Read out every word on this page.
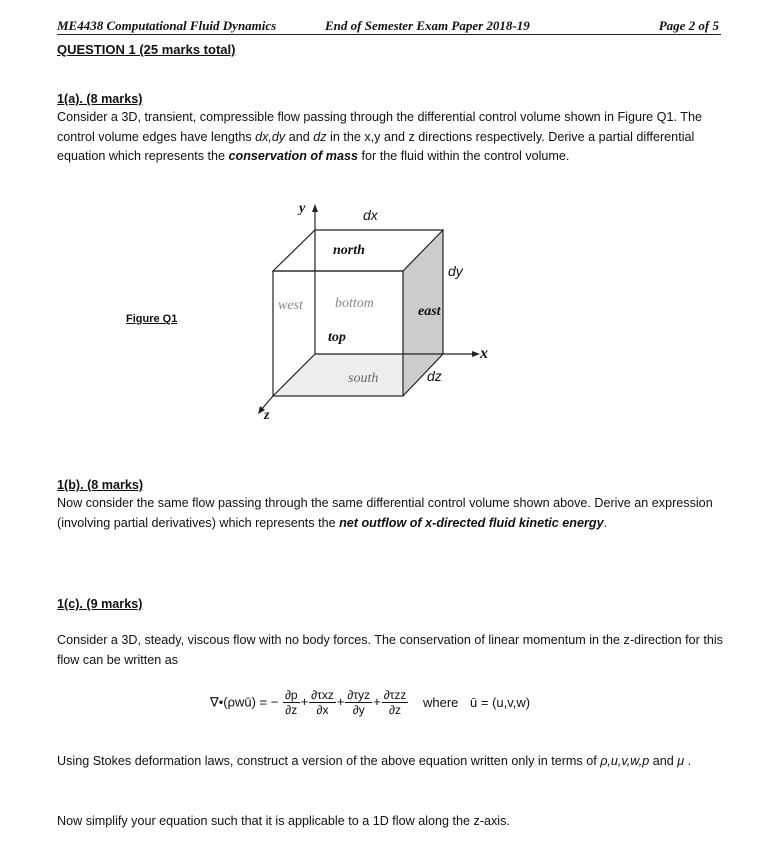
ME4438 Computational Fluid Dynamics	End of Semester Exam Paper 2018-19	Page 2 of 5
QUESTION 1 (25 marks total)
1(a). (8 marks)
Consider a 3D, transient, compressible flow passing through the differential control volume shown in Figure Q1. The control volume edges have lengths dx,dy and dz in the x,y and z directions respectively. Derive a partial differential equation which represents the conservation of mass for the fluid within the control volume.
Figure Q1
y	dx
dy
dz
x
z
north
west bottom
east
top
south
1(b). (8 marks)
Now consider the same flow passing through the same differential control volume shown above. Derive an expression (involving partial derivatives) which represents the net outflow of x-directed fluid kinetic energy.
1(c). (9 marks)
Consider a 3D, steady, viscous flow with no body forces. The conservation of linear momentum in the z-direction for this flow can be written as
∇•(ρwū) = − $\frac{\partial p}{\partial z} + \frac{\text{∂τxz}}{\partial x} + \frac{\text{∂τyz}}{\partial y} + \frac{\text{∂τzz}}{\partial z}$ where ū = (u,v,w)
Using Stokes deformation laws, construct a version of the above equation written only in terms of ρ,u,v,w,p and μ .
Now simplify your equation such that it is applicable to a 1D flow along the z-axis.
